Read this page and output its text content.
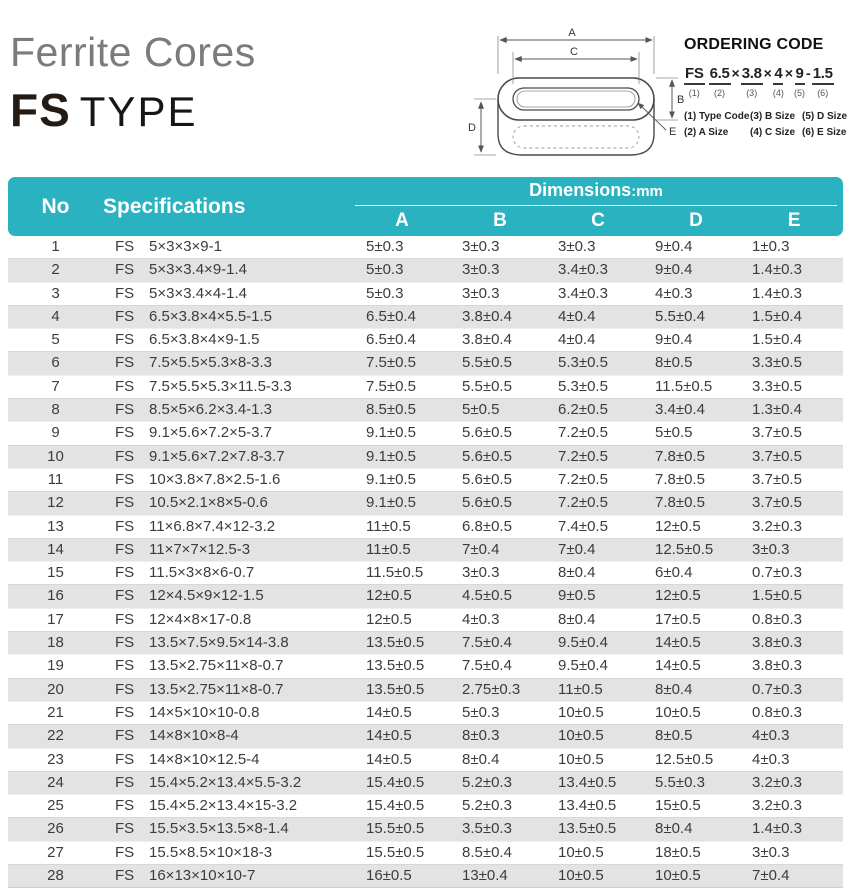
Ferrite Cores
FS TYPE
A
C
B
D	E
ORDERING CODE
FS
(1)
6.5
(2)
× 3.8
(3)
× 4
(4)
× 9
(5)
- 1.5
(6)
(1) Type Code
(2) A Size
(3) B Size
(4) C Size
(5) D Size
(6) E Size
No	Specifications	Dimensions:mm				

		A	B	C	D	E
1	FS 5×3×3×9-1	5±0.3	3±0.3	3±0.3	9±0.4	1±0.3
2	FS 5×3×3.4×9-1.4	5±0.3	3±0.3	3.4±0.3	9±0.4	1.4±0.3
3	FS 5×3×3.4×4-1.4	5±0.3	3±0.3	3.4±0.3	4±0.3	1.4±0.3
4	FS 6.5×3.8×4×5.5-1.5	6.5±0.4	3.8±0.4	4±0.4	5.5±0.4	1.5±0.4
5	FS 6.5×3.8×4×9-1.5	6.5±0.4	3.8±0.4	4±0.4	9±0.4	1.5±0.4
6	FS 7.5×5.5×5.3×8-3.3	7.5±0.5	5.5±0.5	5.3±0.5	8±0.5	3.3±0.5
7	FS 7.5×5.5×5.3×11.5-3.3	7.5±0.5	5.5±0.5	5.3±0.5	11.5±0.5	3.3±0.5
8	FS 8.5×5×6.2×3.4-1.3	8.5±0.5	5±0.5	6.2±0.5	3.4±0.4	1.3±0.4
9	FS 9.1×5.6×7.2×5-3.7	9.1±0.5	5.6±0.5	7.2±0.5	5±0.5	3.7±0.5
10	FS 9.1×5.6×7.2×7.8-3.7	9.1±0.5	5.6±0.5	7.2±0.5	7.8±0.5	3.7±0.5
11	FS 10×3.8×7.8×2.5-1.6	9.1±0.5	5.6±0.5	7.2±0.5	7.8±0.5	3.7±0.5
12	FS 10.5×2.1×8×5-0.6	9.1±0.5	5.6±0.5	7.2±0.5	7.8±0.5	3.7±0.5
13	FS 11×6.8×7.4×12-3.2	11±0.5	6.8±0.5	7.4±0.5	12±0.5	3.2±0.3
14	FS 11×7×7×12.5-3	11±0.5	7±0.4	7±0.4	12.5±0.5	3±0.3
15	FS 11.5×3×8×6-0.7	11.5±0.5	3±0.3	8±0.4	6±0.4	0.7±0.3
16	FS 12×4.5×9×12-1.5	12±0.5	4.5±0.5	9±0.5	12±0.5	1.5±0.5
17	FS 12×4×8×17-0.8	12±0.5	4±0.3	8±0.4	17±0.5	0.8±0.3
18	FS 13.5×7.5×9.5×14-3.8	13.5±0.5	7.5±0.4	9.5±0.4	14±0.5	3.8±0.3
19	FS 13.5×2.75×11×8-0.7	13.5±0.5	7.5±0.4	9.5±0.4	14±0.5	3.8±0.3
20	FS 13.5×2.75×11×8-0.7	13.5±0.5	2.75±0.3	11±0.5	8±0.4	0.7±0.3
21	FS 14×5×10×10-0.8	14±0.5	5±0.3	10±0.5	10±0.5	0.8±0.3
22	FS 14×8×10×8-4	14±0.5	8±0.3	10±0.5	8±0.5	4±0.3
23	FS 14×8×10×12.5-4	14±0.5	8±0.4	10±0.5	12.5±0.5	4±0.3
24	FS 15.4×5.2×13.4×5.5-3.2	15.4±0.5	5.2±0.3	13.4±0.5	5.5±0.3	3.2±0.3
25	FS 15.4×5.2×13.4×15-3.2	15.4±0.5	5.2±0.3	13.4±0.5	15±0.5	3.2±0.3
26	FS 15.5×3.5×13.5×8-1.4	15.5±0.5	3.5±0.3	13.5±0.5	8±0.4	1.4±0.3
27	FS 15.5×8.5×10×18-3	15.5±0.5	8.5±0.4	10±0.5	18±0.5	3±0.3
28	FS 16×13×10×10-7	16±0.5	13±0.4	10±0.5	10±0.5	7±0.4
